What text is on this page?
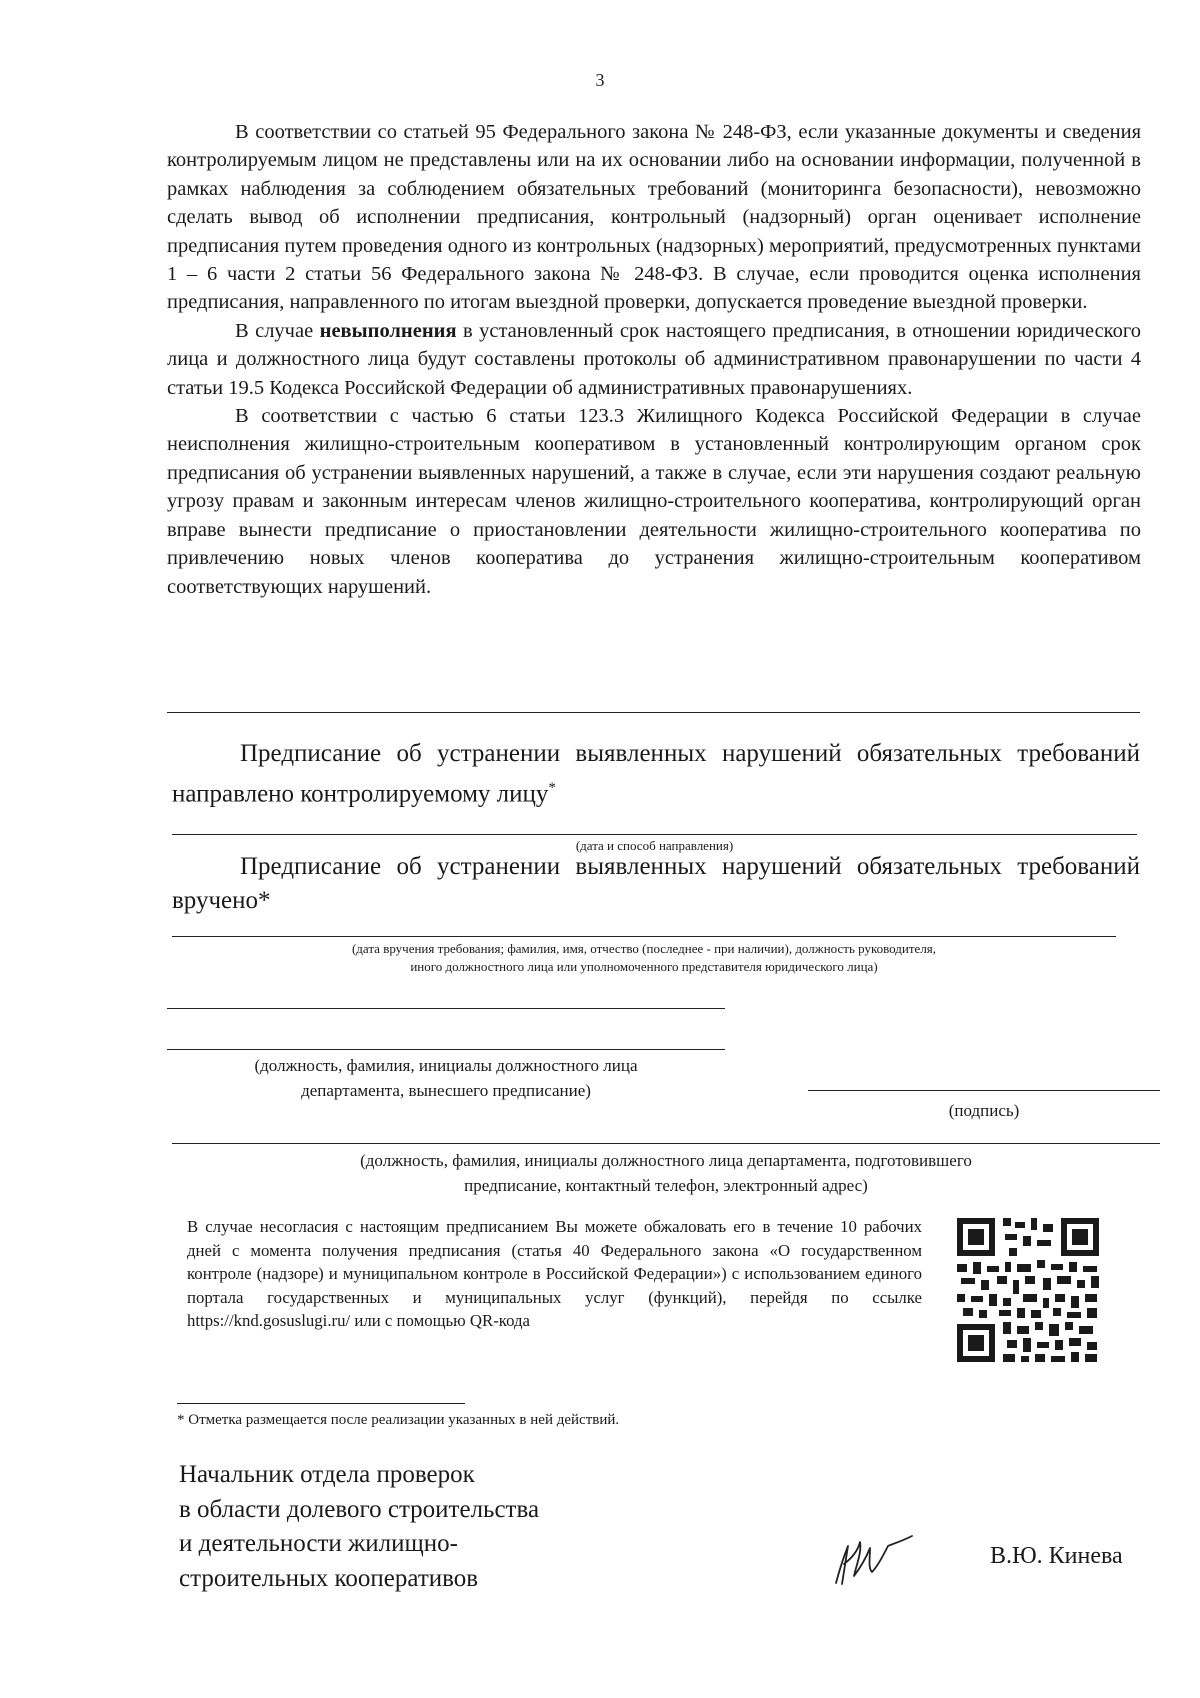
3

В соответствии со статьей 95 Федерального закона № 248-ФЗ, если указанные документы и сведения контролируемым лицом не представлены или на их основании либо на основании информации, полученной в рамках наблюдения за соблюдением обязательных требований (мониторинга безопасности), невозможно сделать вывод об исполнении предписания, контрольный (надзорный) орган оценивает исполнение предписания путем проведения одного из контрольных (надзорных) мероприятий, предусмотренных пунктами 1 – 6 части 2 статьи 56 Федерального закона № 248-ФЗ. В случае, если проводится оценка исполнения предписания, направленного по итогам выездной проверки, допускается проведение выездной проверки.

В случае невыполнения в установленный срок настоящего предписания, в отношении юридического лица и должностного лица будут составлены протоколы об административном правонарушении по части 4 статьи 19.5 Кодекса Российской Федерации об административных правонарушениях.

В соответствии с частью 6 статьи 123.3 Жилищного Кодекса Российской Федерации в случае неисполнения жилищно-строительным кооперативом в установленный контролирующим органом срок предписания об устранении выявленных нарушений, а также в случае, если эти нарушения создают реальную угрозу правам и законным интересам членов жилищно-строительного кооператива, контролирующий орган вправе вынести предписание о приостановлении деятельности жилищно-строительного кооператива по привлечению новых членов кооператива до устранения жилищно-строительным кооперативом соответствующих нарушений.

Предписание об устранении выявленных нарушений обязательных требований направлено контролируемому лицу*

(дата и способ направления)

Предписание об устранении выявленных нарушений обязательных требований вручено*

(дата вручения требования; фамилия, имя, отчество (последнее - при наличии), должность руководителя,
иного должностного лица или уполномоченного представителя юридического лица)
(должность, фамилия, инициалы должностного лица
департамента, вынесшего предписание)
(подпись)
(должность, фамилия, инициалы должностного лица департамента, подготовившего
предписание, контактный телефон, электронный адрес)
В случае несогласия с настоящим предписанием Вы можете обжаловать его в течение 10 рабочих дней с момента получения предписания (статья 40 Федерального закона «О государственном контроле (надзоре) и муниципальном контроле в Российской Федерации») с использованием единого портала государственных и муниципальных услуг (функций), перейдя по ссылке https://knd.gosuslugi.ru/ или с помощью QR-кода
* Отметка размещается после реализации указанных в ней действий.
Начальник отдела проверок
в области долевого строительства
и деятельности жилищно-
строительных кооперативов
В.Ю. Кинева
